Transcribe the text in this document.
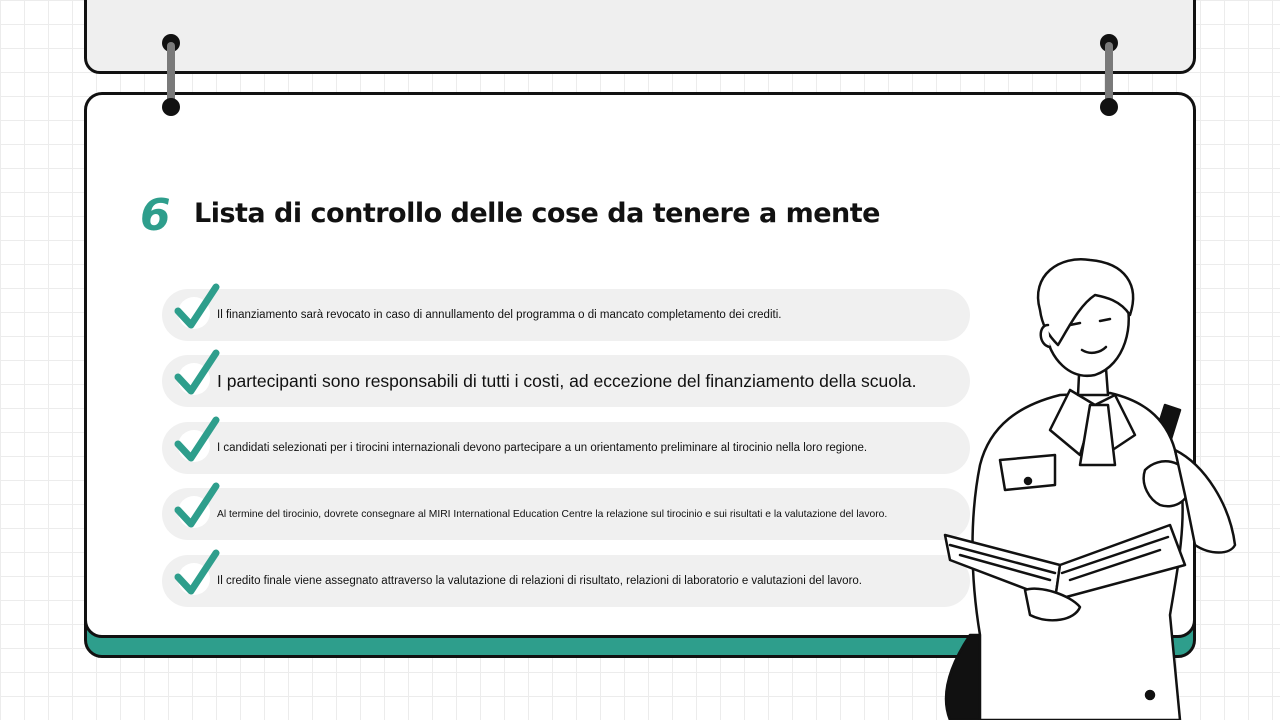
6 Lista di controllo delle cose da tenere a mente
Il finanziamento sarà revocato in caso di annullamento del programma o di mancato completamento dei crediti.
I partecipanti sono responsabili di tutti i costi, ad eccezione del finanziamento della scuola.
I candidati selezionati per i tirocini internazionali devono partecipare a un orientamento preliminare al tirocinio nella loro regione.
Al termine del tirocinio, dovrete consegnare al MIRI International Education Centre la relazione sul tirocinio e sui risultati e la valutazione del lavoro.
Il credito finale viene assegnato attraverso la valutazione di relazioni di risultato, relazioni di laboratorio e valutazioni del lavoro.
